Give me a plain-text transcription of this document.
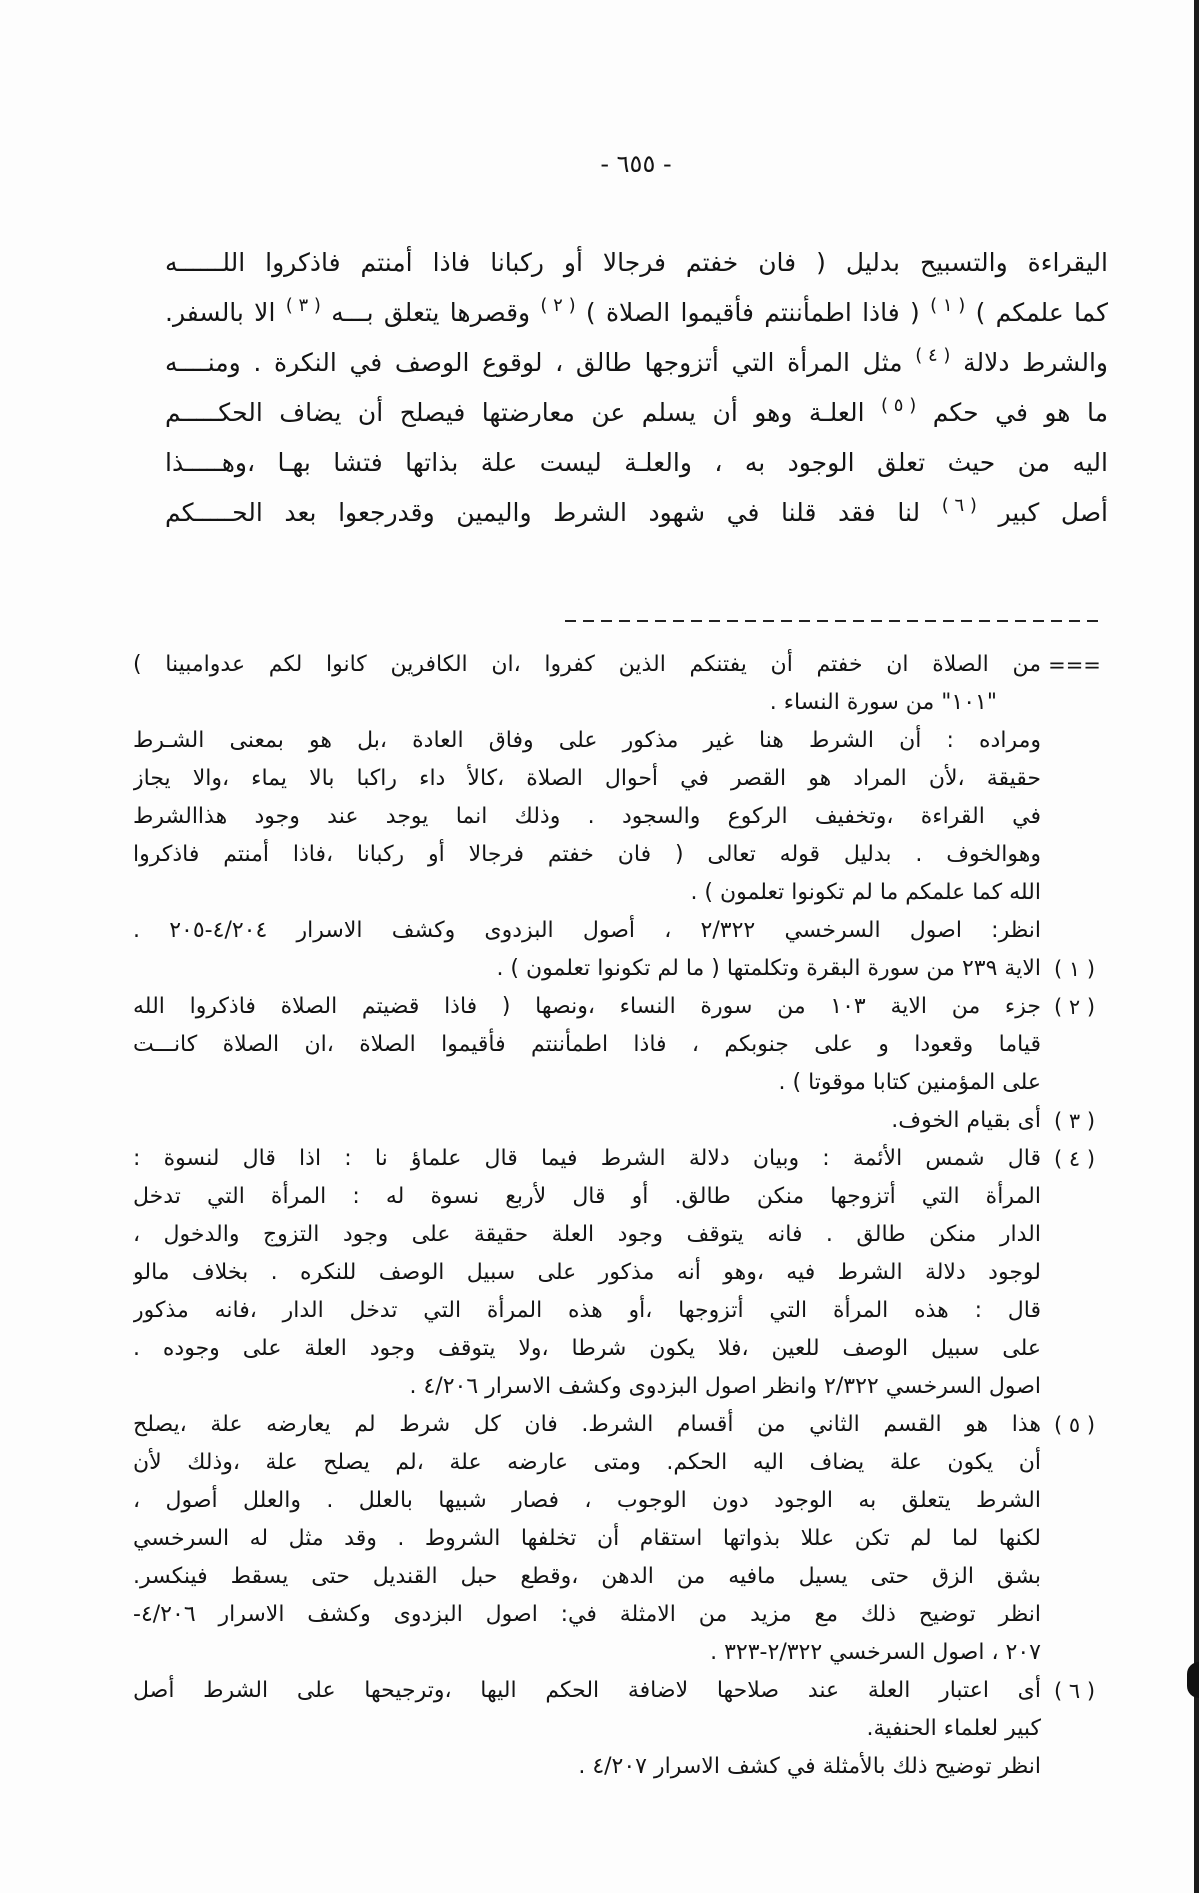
- ٦٥٥ -
اليقراءة والتسبيح بدليل ( فان خفتم فرجالا أو ركبانا فاذا أمنتم فاذكروا اللــــــه
كما علمكم ) ( ١ ) ( فاذا اطمأننتم فأقيموا الصلاة ) ( ٢ ) وقصرها يتعلق بـــه ( ٣ ) الا بالسفر.
والشرط دلالة ( ٤ ) مثل المرأة التي أتزوجها طالق ، لوقوع الوصف في النكرة . ومنــــه
ما هو في حكم ( ٥ ) العلـة وهو أن يسلم عن معارضتها فيصلح أن يضاف الحكـــــم
اليه من حيث تعلق الوجود به ، والعلـة ليست علة بذاتها فتشا بهـا ،وهـــــذا
أصل كبير ( ٦ ) لنا فقد قلنا في شهود الشرط واليمين وقدرجعوا بعد الحـــــكم
===
من الصلاة ان خفتم أن يفتنكم الذين كفروا ،ان الكافرين كانوا لكم عدوامبينا )
"١٠١" من سورة النساء .
ومراده : أن الشرط هنا غير مذكور على وفاق العادة ،بل هو بمعنى الشـرط
حقيقة ،لأن المراد هو القصر في أحوال الصلاة ،كالأ داء راكبا بالا يماء ،والا يجاز
في القراءة ،وتخفيف الركوع والسجود . وذلك انما يوجد عند وجود هذاالشرط
وهوالخوف . بدليل قوله تعالى ( فان خفتم فرجالا أو ركبانا ،فاذا أمنتم فاذكروا
الله كما علمكم ما لم تكونوا تعلمون ) .
انظر: اصول السرخسي ٢/٣٢٢ ، أصول البزدوى وكشف الاسرار ٤/٢٠٤-٢٠٥ .
( ١ )
الاية ٢٣٩ من سورة البقرة وتكلمتها ( ما لم تكونوا تعلمون ) .
( ٢ )
جزء من الاية ١٠٣ من سورة النساء ،ونصها ( فاذا قضيتم الصلاة فاذكروا الله
قياما وقعودا و على جنوبكم ، فاذا اطمأننتم فأقيموا الصلاة ،ان الصلاة كانـــت
على المؤمنين كتابا موقوتا ) .
( ٣ )
أى بقيام الخوف.
( ٤ )
قال شمس الأئمة : وبيان دلالة الشرط فيما قال علماؤ نا : اذا قال لنسوة :
المرأة التي أتزوجها منكن طالق. أو قال لأربع نسوة له : المرأة التي تدخل
الدار منكن طالق . فانه يتوقف وجود العلة حقيقة على وجود التزوج والدخول ،
لوجود دلالة الشرط فيه ،وهو أنه مذكور على سبيل الوصف للنكره . بخلاف مالو
قال : هذه المرأة التي أتزوجها ،أو هذه المرأة التي تدخل الدار ،فانه مذكور
على سبيل الوصف للعين ،فلا يكون شرطا ،ولا يتوقف وجود العلة على وجوده .
اصول السرخسي ٢/٣٢٢ وانظر اصول البزدوى وكشف الاسرار ٤/٢٠٦ .
( ٥ )
هذا هو القسم الثاني من أقسام الشرط. فان كل شرط لم يعارضه علة ،يصلح
أن يكون علة يضاف اليه الحكم. ومتى عارضه علة ،لم يصلح علة ،وذلك لأن
الشرط يتعلق به الوجود دون الوجوب ، فصار شبيها بالعلل . والعلل أصول ،
لكنها لما لم تكن عللا بذواتها استقام أن تخلفها الشروط . وقد مثل له السرخسي
بشق الزق حتى يسيل مافيه من الدهن ،وقطع حبل القنديل حتى يسقط فينكسر.
انظر توضيح ذلك مع مزيد من الامثلة في: اصول البزدوى وكشف الاسرار ٤/٢٠٦-
٢٠٧ ، اصول السرخسي ٢/٣٢٢-٣٢٣ .
( ٦ )
أى اعتبار العلة عند صلاحها لاضافة الحكم اليها ،وترجيحها على الشرط أصل
كبير لعلماء الحنفية.
انظر توضيح ذلك بالأمثلة في كشف الاسرار ٤/٢٠٧ .
